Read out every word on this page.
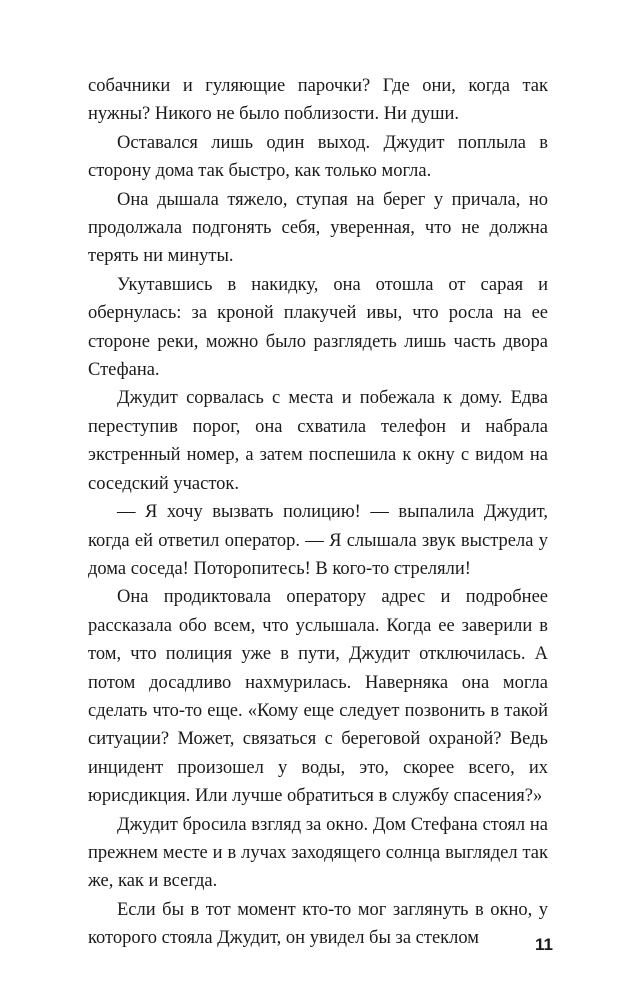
собачники и гуляющие парочки? Где они, когда так нужны? Никого не было поблизости. Ни души.

Оставался лишь один выход. Джудит поплыла в сторону дома так быстро, как только могла.

Она дышала тяжело, ступая на берег у причала, но продолжала подгонять себя, уверенная, что не должна терять ни минуты.

Укутавшись в накидку, она отошла от сарая и обернулась: за кроной плакучей ивы, что росла на ее стороне реки, можно было разглядеть лишь часть двора Стефана.

Джудит сорвалась с места и побежала к дому. Едва переступив порог, она схватила телефон и набрала экстренный номер, а затем поспешила к окну с видом на соседский участок.

— Я хочу вызвать полицию! — выпалила Джудит, когда ей ответил оператор. — Я слышала звук выстрела у дома соседа! Поторопитесь! В кого-то стреляли!

Она продиктовала оператору адрес и подробнее рассказала обо всем, что услышала. Когда ее заверили в том, что полиция уже в пути, Джудит отключилась. А потом досадливо нахмурилась. Наверняка она могла сделать что-то еще. «Кому еще следует позвонить в такой ситуации? Может, связаться с береговой охраной? Ведь инцидент произошел у воды, это, скорее всего, их юрисдикция. Или лучше обратиться в службу спасения?»

Джудит бросила взгляд за окно. Дом Стефана стоял на прежнем месте и в лучах заходящего солнца выглядел так же, как и всегда.

Если бы в тот момент кто-то мог заглянуть в окно, у которого стояла Джудит, он увидел бы за стеклом	11
